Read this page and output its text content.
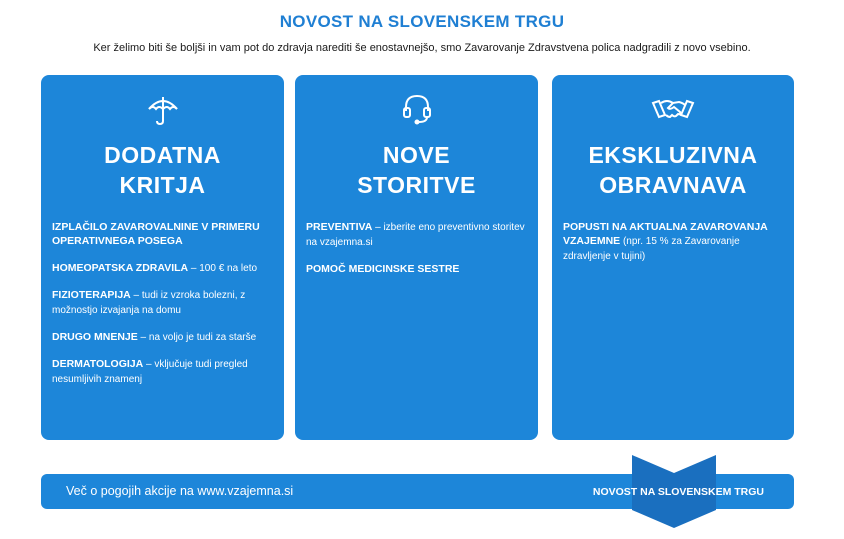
NOVOST NA SLOVENSKEM TRGU
Ker želimo biti še boljši in vam pot do zdravja narediti še enostavnejšo, smo Zavarovanje Zdravstvena polica nadgradili z novo vsebino.
DODATNA
KRITJA
IZPLAČILO ZAVAROVALNINE V PRIMERU OPERATIVNEGA POSEGA
HOMEOPATSKA ZDRAVILA – 100 € na leto
FIZIOTERAPIJA – tudi iz vzroka bolezni, z možnostjo izvajanja na domu
DRUGO MNENJE – na voljo je tudi za starše
DERMATOLOGIJA – vključuje tudi pregled nesumljivih znamenj
NOVE
STORITVE
PREVENTIVA – izberite eno preventivno storitev na vzajemna.si
POMOČ MEDICINSKE SESTRE
EKSKLUZIVNA
OBRAVNAVA
POPUSTI NA AKTUALNA ZAVAROVANJA VZAJEMNE (npr. 15 % za Zavarovanje zdravljenje v tujini)
Več o pogojih akcije na www.vzajemna.si	NOVOST NA SLOVENSKEM TRGU
